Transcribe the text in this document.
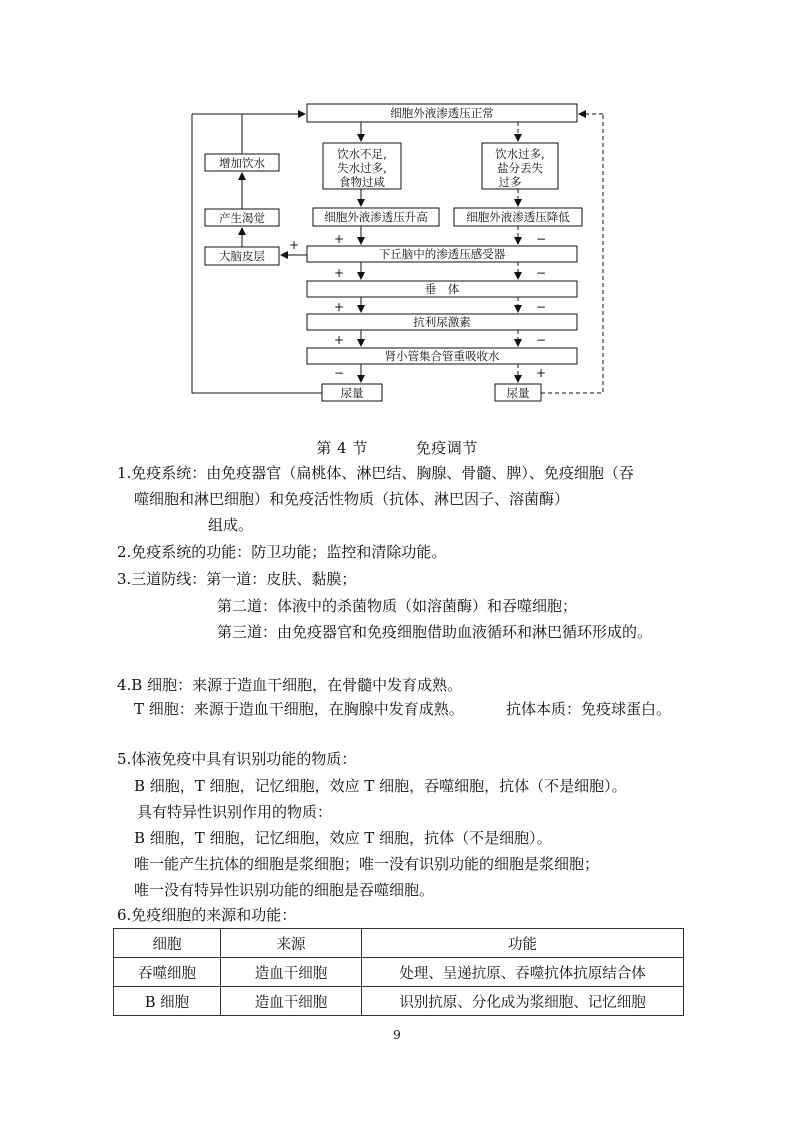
细胞外液渗透压正常
饮水不足,
失水过多,
食物过咸
饮水过多,
盐分丢失
过多
细胞外液渗透压升高	细胞外液渗透压降低
下丘脑中的渗透压感受器
垂　体
抗利尿激素
肾小管集合管重吸收水
尿量	尿量
大脑皮层
产生渴觉
增加饮水
+	+
+
+
+
−
−
−
−
−
+
第 4 节	免疫调节
1.免疫系统：由免疫器官（扁桃体、淋巴结、胸腺、骨髓、脾）、免疫细胞（吞
噬细胞和淋巴细胞）和免疫活性物质（抗体、淋巴因子、溶菌酶）
组成。
2.免疫系统的功能：防卫功能；监控和清除功能。
3.三道防线：第一道：皮肤、黏膜；
第二道：体液中的杀菌物质（如溶菌酶）和吞噬细胞；
第三道：由免疫器官和免疫细胞借助血液循环和淋巴循环形成的。
4.B 细胞：来源于造血干细胞，在骨髓中发育成熟。
T 细胞：来源于造血干细胞，在胸腺中发育成熟。	抗体本质：免疫球蛋白。
5.体液免疫中具有识别功能的物质：
B 细胞，T 细胞，记忆细胞，效应 T 细胞，吞噬细胞，抗体（不是细胞）。
具有特异性识别作用的物质：
B 细胞，T 细胞，记忆细胞，效应 T 细胞，抗体（不是细胞）。
唯一能产生抗体的细胞是浆细胞；唯一没有识别功能的细胞是浆细胞；
唯一没有特异性识别功能的细胞是吞噬细胞。
6.免疫细胞的来源和功能：
细胞	来源	功能
吞噬细胞	造血干细胞	处理、呈递抗原、吞噬抗体抗原结合体
B 细胞	造血干细胞	识别抗原、分化成为浆细胞、记忆细胞
9
